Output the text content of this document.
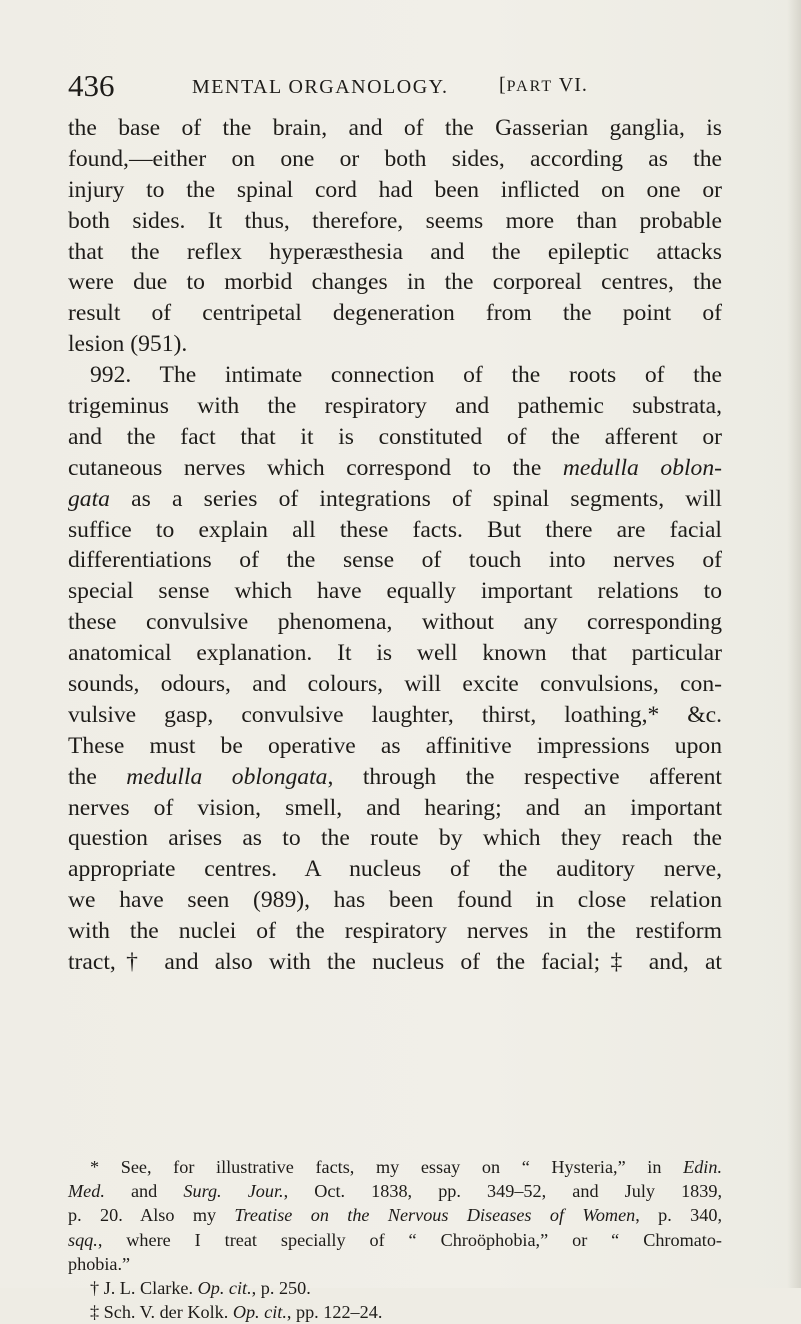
436	MENTAL ORGANOLOGY.	[PART VI.
the base of the brain, and of the Gasserian ganglia, is
found,—either on one or both sides, according as the
injury to the spinal cord had been inflicted on one or
both sides. It thus, therefore, seems more than probable
that the reflex hyperæsthesia and the epileptic attacks
were due to morbid changes in the corporeal centres, the
result of centripetal degeneration from the point of
lesion (951).
992. The intimate connection of the roots of the
trigeminus with the respiratory and pathemic substrata,
and the fact that it is constituted of the afferent or
cutaneous nerves which correspond to the medulla oblon-
gata as a series of integrations of spinal segments, will
suffice to explain all these facts. But there are facial
differentiations of the sense of touch into nerves of
special sense which have equally important relations to
these convulsive phenomena, without any corresponding
anatomical explanation. It is well known that particular
sounds, odours, and colours, will excite convulsions, con-
vulsive gasp, convulsive laughter, thirst, loathing,* &c.
These must be operative as affinitive impressions upon
the medulla oblongata, through the respective afferent
nerves of vision, smell, and hearing; and an important
question arises as to the route by which they reach the
appropriate centres. A nucleus of the auditory nerve,
we have seen (989), has been found in close relation
with the nuclei of the respiratory nerves in the restiform
tract,† and also with the nucleus of the facial;‡ and, at
* See, for illustrative facts, my essay on “ Hysteria,” in Edin.
Med. and Surg. Jour., Oct. 1838, pp. 349–52, and July 1839,
p. 20. Also my Treatise on the Nervous Diseases of Women, p. 340,
sqq., where I treat specially of “ Chroöphobia,” or “ Chromato-
phobia.”
† J. L. Clarke. Op. cit., p. 250.
‡ Sch. V. der Kolk. Op. cit., pp. 122–24.
